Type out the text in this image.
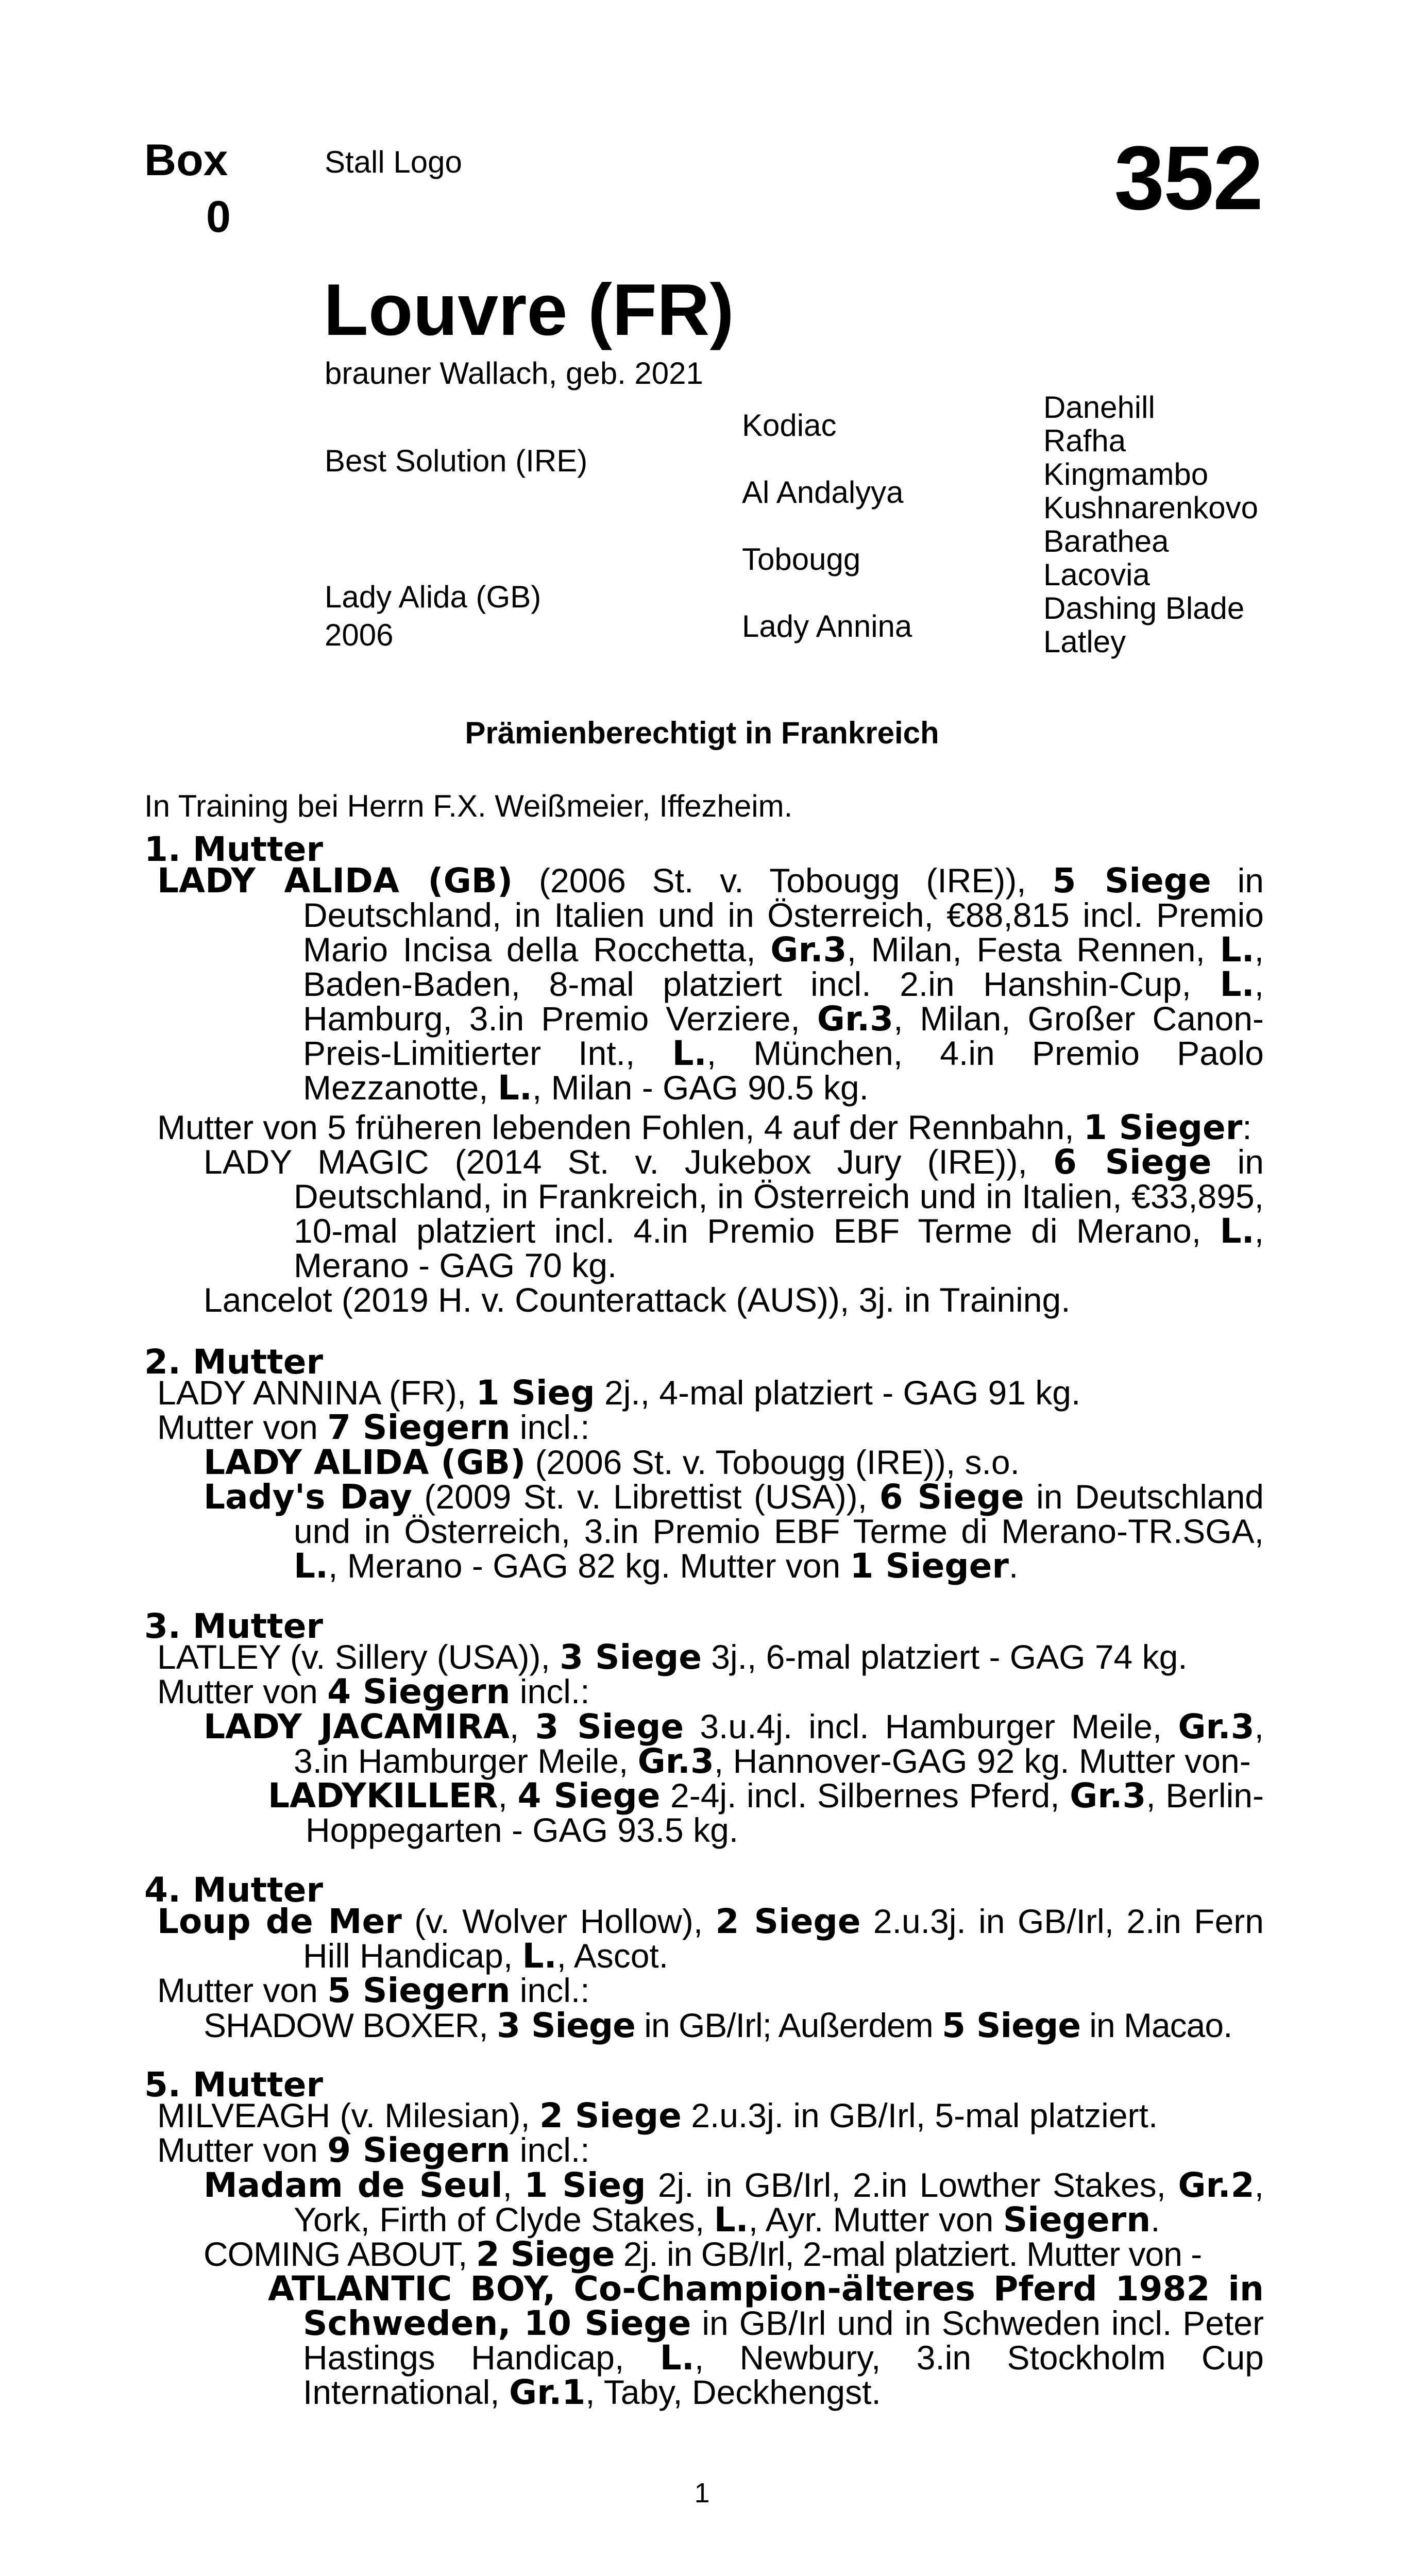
Box
0
Stall Logo	352
Louvre (FR)
brauner Wallach, geb. 2021
Best Solution (IRE)
Lady Alida (GB)
2006
Kodiac
Al Andalyya
Tobougg
Lady Annina
Danehill
Rafha
Kingmambo
Kushnarenkovo
Barathea
Lacovia
Dashing Blade
Latley
Prämienberechtigt in Frankreich
In Training bei Herrn F.X. Weißmeier, Iffezheim.
1. Mutter
LADY ALIDA (GB) (2006 St. v. Tobougg (IRE)), 5 Siege in Deutschland, in Italien und in Österreich, €88,815 incl. Premio Mario Incisa della Rocchetta, Gr.3, Milan, Festa Rennen, L., Baden-Baden, 8-mal platziert incl. 2.in Hanshin-Cup, L., Hamburg, 3.in Premio Verziere, Gr.3, Milan, Großer Canon-Preis-Limitierter Int., L., München, 4.in Premio Paolo Mezzanotte, L., Milan - GAG 90.5 kg.
Mutter von 5 früheren lebenden Fohlen, 4 auf der Rennbahn, 1 Sieger:
LADY MAGIC (2014 St. v. Jukebox Jury (IRE)), 6 Siege in Deutschland, in Frankreich, in Österreich und in Italien, €33,895, 10-mal platziert incl. 4.in Premio EBF Terme di Merano, L., Merano - GAG 70 kg.
Lancelot (2019 H. v. Counterattack (AUS)), 3j. in Training.
2. Mutter
LADY ANNINA (FR), 1 Sieg 2j., 4-mal platziert - GAG 91 kg.
Mutter von 7 Siegern incl.:
LADY ALIDA (GB) (2006 St. v. Tobougg (IRE)), s.o.
Lady's Day (2009 St. v. Librettist (USA)), 6 Siege in Deutschland und in Österreich, 3.in Premio EBF Terme di Merano-TR.SGA, L., Merano - GAG 82 kg. Mutter von 1 Sieger.
3. Mutter
LATLEY (v. Sillery (USA)), 3 Siege 3j., 6-mal platziert - GAG 74 kg.
Mutter von 4 Siegern incl.:
LADY JACAMIRA, 3 Siege 3.u.4j. incl. Hamburger Meile, Gr.3, 3.in Hamburger Meile, Gr.3, Hannover-GAG 92 kg. Mutter von-
LADYKILLER, 4 Siege 2-4j. incl. Silbernes Pferd, Gr.3, Berlin-Hoppegarten - GAG 93.5 kg.
4. Mutter
Loup de Mer (v. Wolver Hollow), 2 Siege 2.u.3j. in GB/Irl, 2.in Fern Hill Handicap, L., Ascot.
Mutter von 5 Siegern incl.:
SHADOW BOXER, 3 Siege in GB/Irl; Außerdem 5 Siege in Macao.
5. Mutter
MILVEAGH (v. Milesian), 2 Siege 2.u.3j. in GB/Irl, 5-mal platziert.
Mutter von 9 Siegern incl.:
Madam de Seul, 1 Sieg 2j. in GB/Irl, 2.in Lowther Stakes, Gr.2, York, Firth of Clyde Stakes, L., Ayr. Mutter von Siegern.
COMING ABOUT, 2 Siege 2j. in GB/Irl, 2-mal platziert. Mutter von -
ATLANTIC BOY, Co-Champion-älteres Pferd 1982 in Schweden, 10 Siege in GB/Irl und in Schweden incl. Peter Hastings Handicap, L., Newbury, 3.in Stockholm Cup International, Gr.1, Taby, Deckhengst.
1
